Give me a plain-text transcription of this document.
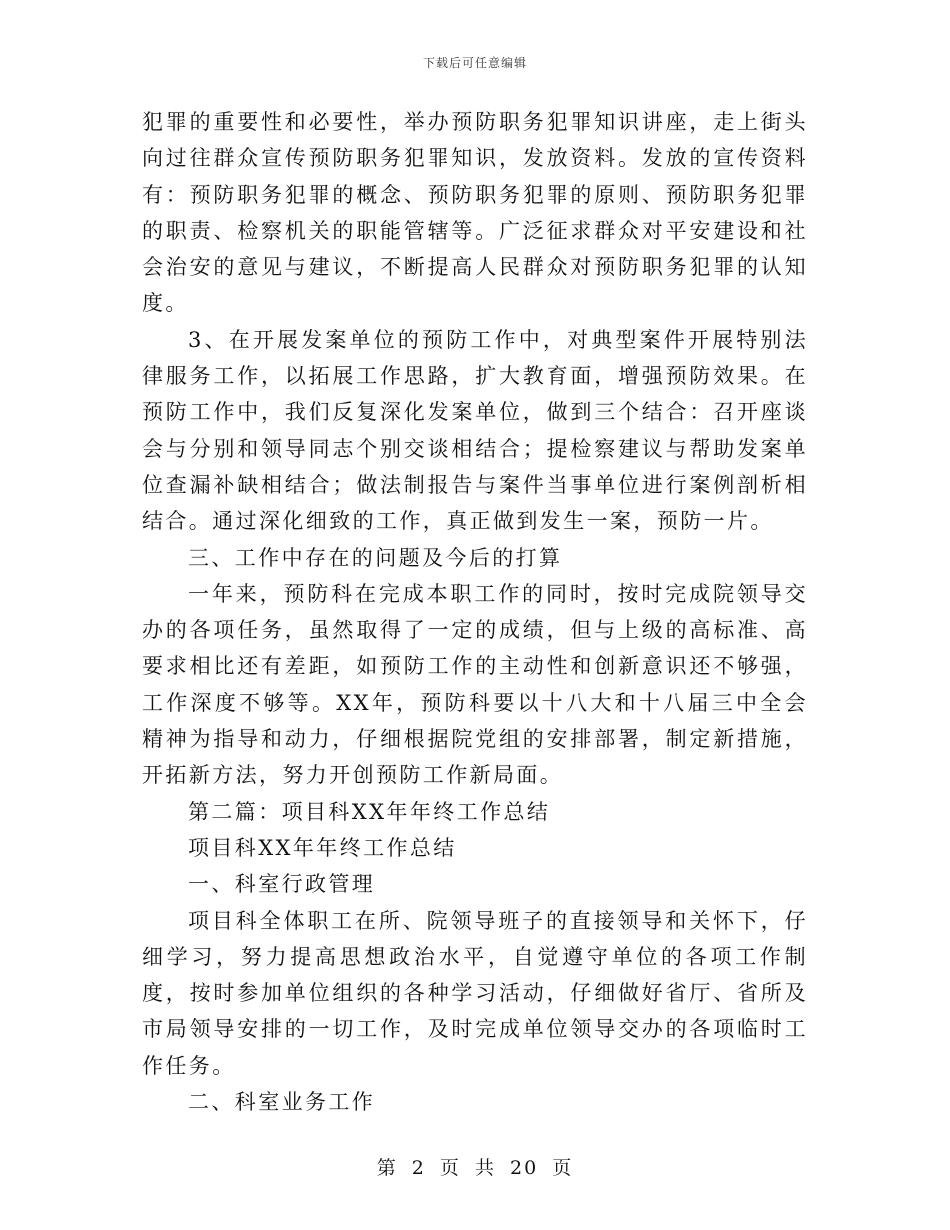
下载后可任意编辑

犯罪的重要性和必要性，举办预防职务犯罪知识讲座，走上街头向过往群众宣传预防职务犯罪知识，发放资料。发放的宣传资料有：预防职务犯罪的概念、预防职务犯罪的原则、预防职务犯罪的职责、检察机关的职能管辖等。广泛征求群众对平安建设和社会治安的意见与建议，不断提高人民群众对预防职务犯罪的认知度。

3、在开展发案单位的预防工作中，对典型案件开展特别法律服务工作，以拓展工作思路，扩大教育面，增强预防效果。在预防工作中，我们反复深化发案单位，做到三个结合：召开座谈会与分别和领导同志个别交谈相结合；提检察建议与帮助发案单位查漏补缺相结合；做法制报告与案件当事单位进行案例剖析相结合。通过深化细致的工作，真正做到发生一案，预防一片。

三、工作中存在的问题及今后的打算

一年来，预防科在完成本职工作的同时，按时完成院领导交办的各项任务，虽然取得了一定的成绩，但与上级的高标准、高要求相比还有差距，如预防工作的主动性和创新意识还不够强，工作深度不够等。XX年，预防科要以十八大和十八届三中全会精神为指导和动力，仔细根据院党组的安排部署，制定新措施，开拓新方法，努力开创预防工作新局面。

第二篇：项目科XX年年终工作总结

项目科XX年年终工作总结

一、科室行政管理

项目科全体职工在所、院领导班子的直接领导和关怀下，仔细学习，努力提高思想政治水平，自觉遵守单位的各项工作制度，按时参加单位组织的各种学习活动，仔细做好省厅、省所及市局领导安排的一切工作，及时完成单位领导交办的各项临时工作任务。

二、科室业务工作

第 2 页 共 20 页
